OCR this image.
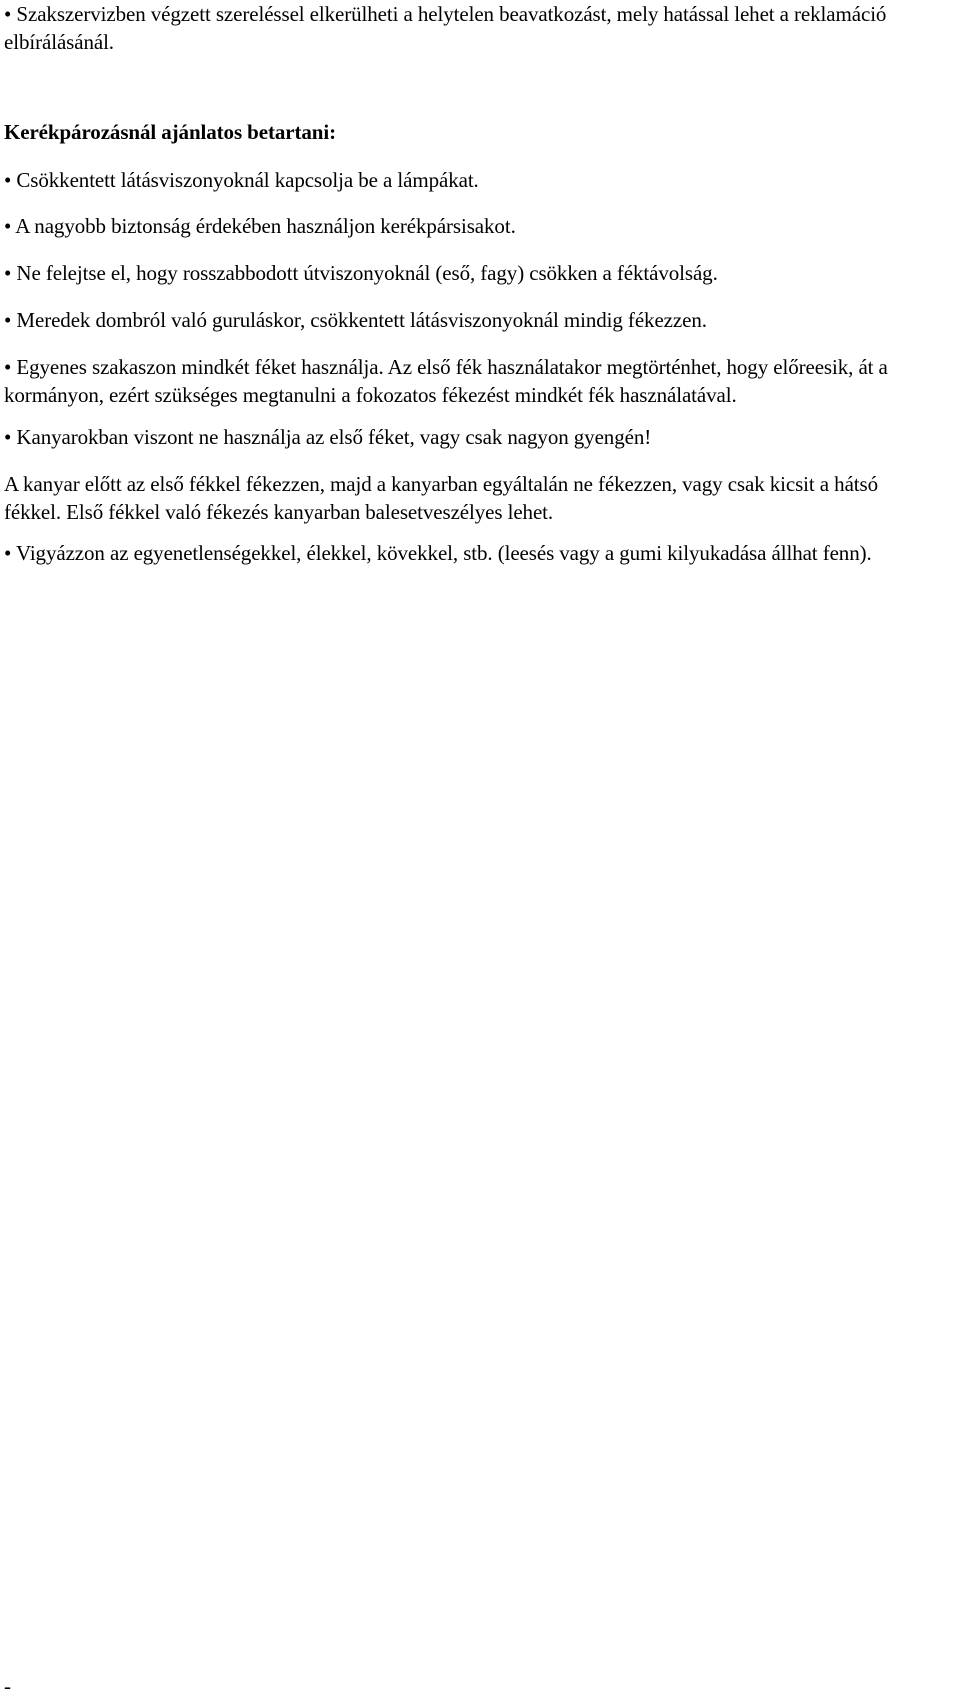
• Szakszervizben végzett szereléssel elkerülheti a helytelen beavatkozást, mely hatással lehet a reklamáció elbírálásánál.

Kerékpározásnál ajánlatos betartani:

• Csökkentett látásviszonyoknál kapcsolja be a lámpákat.

• A nagyobb biztonság érdekében használjon kerékpársisakot.

• Ne felejtse el, hogy rosszabbodott útviszonyoknál (eső, fagy) csökken a féktávolság.

• Meredek dombról való guruláskor, csökkentett látásviszonyoknál mindig fékezzen.

• Egyenes szakaszon mindkét féket használja. Az első fék használatakor megtörténhet, hogy előreesik, át a kormányon, ezért szükséges megtanulni a fokozatos fékezést mindkét fék használatával.

• Kanyarokban viszont ne használja az első féket, vagy csak nagyon gyengén!

A kanyar előtt az első fékkel fékezzen, majd a kanyarban egyáltalán ne fékezzen, vagy csak kicsit a hátsó fékkel. Első fékkel való fékezés kanyarban balesetveszélyes lehet.

• Vigyázzon az egyenetlenségekkel, élekkel, kövekkel, stb. (leesés vagy a gumi kilyukadása állhat fenn).

-
